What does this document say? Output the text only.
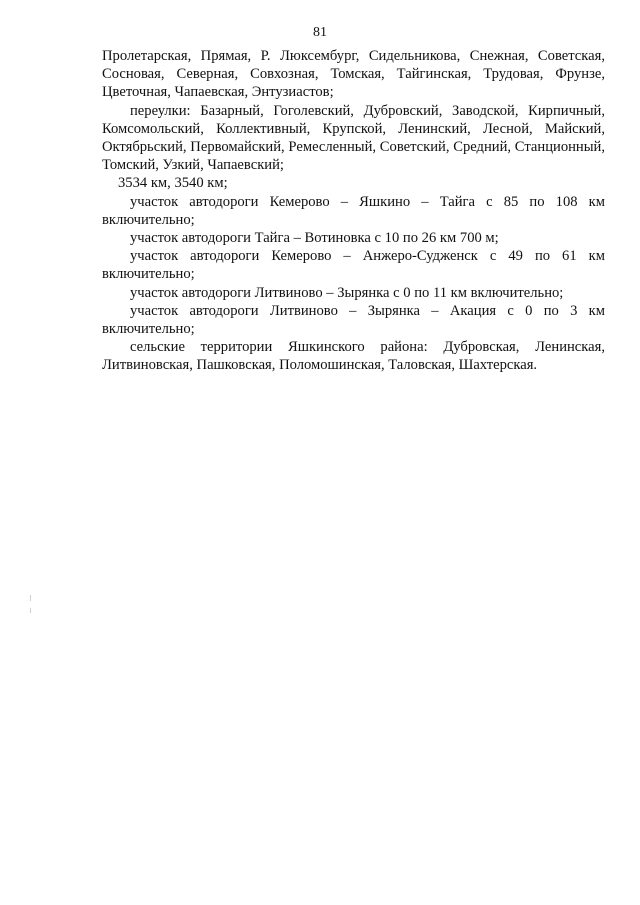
81

Пролетарская, Прямая, Р. Люксембург, Сидельникова, Снежная, Советская, Сосновая, Северная, Совхозная, Томская, Тайгинская, Трудовая, Фрунзе, Цветочная, Чапаевская, Энтузиастов;

переулки: Базарный, Гоголевский, Дубровский, Заводской, Кирпичный, Комсомольский, Коллективный, Крупской, Ленинский, Лесной, Майский, Октябрьский, Первомайский, Ремесленный, Советский, Средний, Станционный, Томский, Узкий, Чапаевский;

3534 км, 3540 км;

участок автодороги Кемерово – Яшкино – Тайга с 85 по 108 км включительно;

участок автодороги Тайга – Вотиновка с 10 по 26 км 700 м;

участок автодороги Кемерово – Анжеро-Судженск с 49 по 61 км включительно;

участок автодороги Литвиново – Зырянка с 0 по 11 км включительно;

участок автодороги Литвиново – Зырянка – Акация с 0 по 3 км включительно;

сельские территории Яшкинского района: Дубровская, Ленинская, Литвиновская, Пашковская, Поломошинская, Таловская, Шахтерская.
